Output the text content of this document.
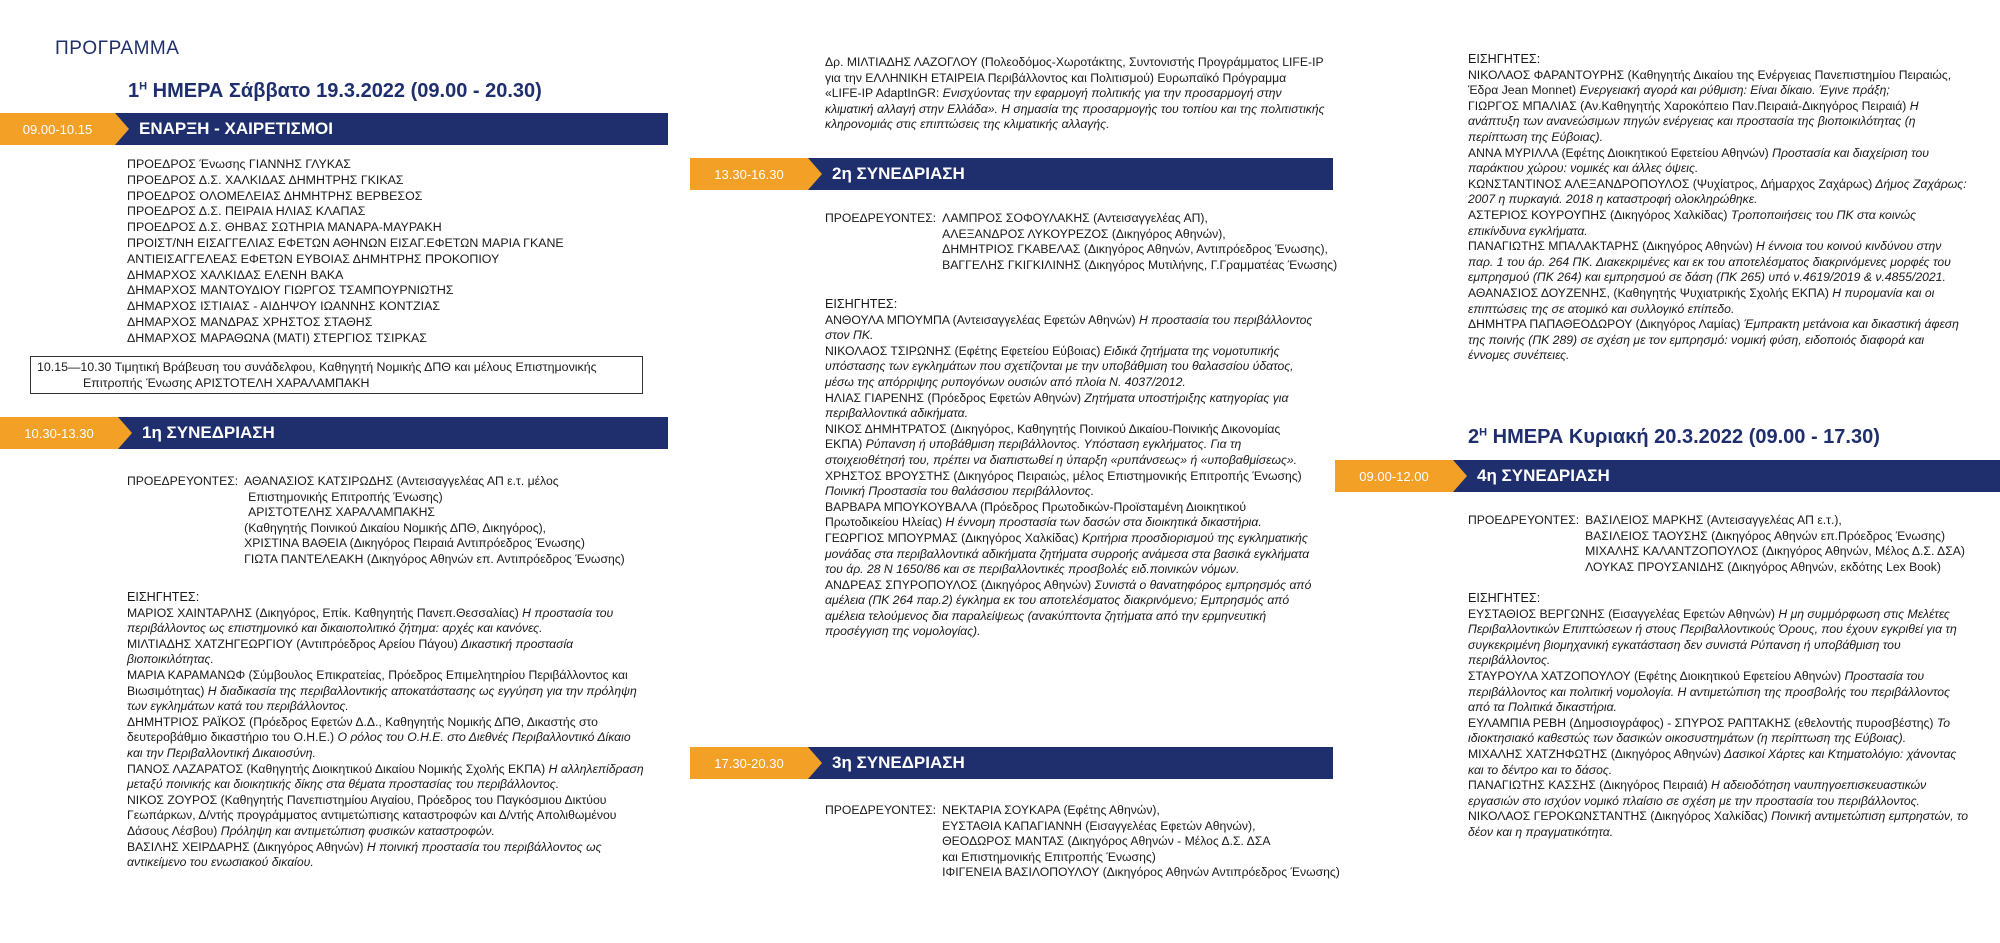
ΠΡΟΓΡΑΜΜΑ
$1^H$ ΗΜΕΡΑ Σάββατο 19.3.2022 (09.00 - 20.30)
09.00-10.15	ΕΝΑΡΞΗ - ΧΑΙΡΕΤΙΣΜΟΙ
ΠΡΟΕΔΡΟΣ Ένωσης ΓΙΑΝΝΗΣ ΓΛΥΚΑΣ
ΠΡΟΕΔΡΟΣ Δ.Σ. ΧΑΛΚΙΔΑΣ ΔΗΜΗΤΡΗΣ ΓΚΙΚΑΣ
ΠΡΟΕΔΡΟΣ ΟΛΟΜΕΛΕΙΑΣ ΔΗΜΗΤΡΗΣ ΒΕΡΒΕΣΟΣ
ΠΡΟΕΔΡΟΣ Δ.Σ. ΠΕΙΡΑΙΑ ΗΛΙΑΣ ΚΛΑΠΑΣ
ΠΡΟΕΔΡΟΣ Δ.Σ. ΘΗΒΑΣ ΣΩΤΗΡΙΑ ΜΑΝΑΡΑ-ΜΑΥΡΑΚΗ
ΠΡΟΙΣΤ/ΝΗ ΕΙΣΑΓΓΕΛΙΑΣ ΕΦΕΤΩΝ ΑΘΗΝΩΝ ΕΙΣΑΓ.ΕΦΕΤΩΝ ΜΑΡΙΑ ΓΚΑΝΕ
ΑΝΤΙΕΙΣΑΓΓΕΛΕΑΣ ΕΦΕΤΩΝ ΕΥΒΟΙΑΣ ΔΗΜΗΤΡΗΣ ΠΡΟΚΟΠΙΟΥ
ΔΗΜΑΡΧΟΣ ΧΑΛΚΙΔΑΣ ΕΛΕΝΗ ΒΑΚΑ
ΔΗΜΑΡΧΟΣ ΜΑΝΤΟΥΔΙΟΥ ΓΙΩΡΓΟΣ ΤΣΑΜΠΟΥΡΝΙΩΤΗΣ
ΔΗΜΑΡΧΟΣ ΙΣΤΙΑΙΑΣ - ΑΙΔΗΨΟΥ ΙΩΑΝΝΗΣ ΚΟΝΤΖΙΑΣ
ΔΗΜΑΡΧΟΣ ΜΑΝΔΡΑΣ ΧΡΗΣΤΟΣ ΣΤΑΘΗΣ
ΔΗΜΑΡΧΟΣ ΜΑΡΑΘΩΝΑ (ΜΑΤΙ) ΣΤΕΡΓΙΟΣ ΤΣΙΡΚΑΣ
10.15—10.30 Τιμητική Βράβευση του συνάδελφου, Καθηγητή Νομικής ΔΠΘ και μέλους Επιστημονικής
Επιτροπής Ένωσης ΑΡΙΣΤΟΤΕΛΗ ΧΑΡΑΛΑΜΠΑΚΗ
10.30-13.30	1η ΣΥΝΕΔΡΙΑΣΗ
ΠΡΟΕΔΡΕΥΟΝΤΕΣ: ΑΘΑΝΑΣΙΟΣ ΚΑΤΣΙΡΩΔΗΣ (Αντεισαγγελέας ΑΠ ε.τ. μέλος
Επιστημονικής Επιτροπής Ένωσης)
ΑΡΙΣΤΟΤΕΛΗΣ ΧΑΡΑΛΑΜΠΑΚΗΣ
(Καθηγητής Ποινικού Δικαίου Νομικής ΔΠΘ, Δικηγόρος),
ΧΡΙΣΤΙΝΑ ΒΑΘΕΙΑ (Δικηγόρος Πειραιά Αντιπρόεδρος Ένωσης)
ΓΙΩΤΑ ΠΑΝΤΕΛΕΑΚΗ (Δικηγόρος Αθηνών επ. Αντιπρόεδρος Ένωσης)

ΕΙΣΗΓΗΤΕΣ:

ΜΑΡΙΟΣ ΧΑΙΝΤΑΡΛΗΣ (Δικηγόρος, Επίκ. Καθηγητής Πανεπ.Θεσσαλίας) Η προστασία του περιβάλλοντος ως επιστημονικό και δικαιοπολιτικό ζήτημα: αρχές και κανόνες.

ΜΙΛΤΙΑΔΗΣ ΧΑΤΖΗΓΕΩΡΓΙΟΥ (Αντιπρόεδρος Αρείου Πάγου) Δικαστική προστασία βιοποικιλότητας.

ΜΑΡΙΑ ΚΑΡΑΜΑΝΩΦ (Σύμβουλος Επικρατείας, Πρόεδρος Επιμελητηρίου Περιβάλλοντος και Βιωσιμότητας) Η διαδικασία της περιβαλλοντικής αποκατάστασης ως εγγύηση για την πρόληψη των εγκλημάτων κατά του περιβάλλοντος.

ΔΗΜΗΤΡΙΟΣ ΡΑΪΚΟΣ (Πρόεδρος Εφετών Δ.Δ., Καθηγητής Νομικής ΔΠΘ, Δικαστής στο δευτεροβάθμιο δικαστήριο του Ο.Η.Ε.) Ο ρόλος του Ο.Η.Ε. στο Διεθνές Περιβαλλοντικό Δίκαιο και την Περιβαλλοντική Δικαιοσύνη.

ΠΑΝΟΣ ΛΑΖΑΡΑΤΟΣ (Καθηγητής Διοικητικού Δικαίου Νομικής Σχολής ΕΚΠΑ) Η αλληλεπίδραση μεταξύ ποινικής και διοικητικής δίκης στα θέματα προστασίας του περιβάλλοντος.

ΝΙΚΟΣ ΖΟΥΡΟΣ (Καθηγητής Πανεπιστημίου Αιγαίου, Πρόεδρος του Παγκόσμιου Δικτύου Γεωπάρκων, Δ/ντής προγράμματος αντιμετώπισης καταστροφών και Δ/ντής Απολιθωμένου Δάσους Λέσβου) Πρόληψη και αντιμετώπιση φυσικών καταστροφών.

ΒΑΣΙΛΗΣ ΧΕΙΡΔΑΡΗΣ (Δικηγόρος Αθηνών) Η ποινική προστασία του περιβάλλοντος ως αντικείμενο του ενωσιακού δικαίου.

Δρ. ΜΙΛΤΙΑΔΗΣ ΛΑΖΟΓΛΟΥ (Πολεοδόμος-Χωροτάκτης, Συντονιστής Προγράμματος LIFE-IP για την ΕΛΛΗΝΙΚΗ ΕΤΑΙΡΕΙΑ Περιβάλλοντος και Πολιτισμού) Ευρωπαϊκό Πρόγραμμα «LIFE-IP AdaptInGR: Ενισχύοντας την εφαρμογή πολιτικής για την προσαρμογή στην κλιματική αλλαγή στην Ελλάδα». Η σημασία της προσαρμογής του τοπίου και της πολιτιστικής κληρονομιάς στις επιπτώσεις της κλιματικής αλλαγής.

13.30-16.30	2η ΣΥΝΕΔΡΙΑΣΗ
ΠΡΟΕΔΡΕΥΟΝΤΕΣ: ΛΑΜΠΡΟΣ ΣΟΦΟΥΛΑΚΗΣ (Αντεισαγγελέας ΑΠ),
ΑΛΕΞΑΝΔΡΟΣ ΛΥΚΟΥΡΕΖΟΣ (Δικηγόρος Αθηνών),
ΔΗΜΗΤΡΙΟΣ ΓΚΑΒΕΛΑΣ (Δικηγόρος Αθηνών, Αντιπρόεδρος Ένωσης),
ΒΑΓΓΕΛΗΣ ΓΚΙΓΚΙΛΙΝΗΣ (Δικηγόρος Μυτιλήνης, Γ.Γραμματέας Ένωσης)

ΕΙΣΗΓΗΤΕΣ:

ΑΝΘΟΥΛΑ ΜΠΟΥΜΠΑ (Αντεισαγγελέας Εφετών Αθηνών) Η προστασία του περιβάλλοντος στον ΠΚ.

ΝΙΚΟΛΑΟΣ ΤΣΙΡΩΝΗΣ (Εφέτης Εφετείου Εύβοιας) Ειδικά ζητήματα της νομοτυπικής υπόστασης των εγκλημάτων που σχετίζονται με την υποβάθμιση του θαλασσίου ύδατος, μέσω της απόρριψης ρυπογόνων ουσιών από πλοία Ν. 4037/2012.

ΗΛΙΑΣ ΓΙΑΡΕΝΗΣ (Πρόεδρος Εφετών Αθηνών) Ζητήματα υποστήριξης κατηγορίας για περιβαλλοντικά αδικήματα.

ΝΙΚΟΣ ΔΗΜΗΤΡΑΤΟΣ (Δικηγόρος, Καθηγητής Ποινικού Δικαίου-Ποινικής Δικονομίας ΕΚΠΑ) Ρύπανση ή υποβάθμιση περιβάλλοντος. Υπόσταση εγκλήματος. Για τη στοιχειοθέτησή του, πρέπει να διαπιστωθεί η ύπαρξη «ρυπάνσεως» ή «υποβαθμίσεως».

ΧΡΗΣΤΟΣ ΒΡΟΥΣΤΗΣ (Δικηγόρος Πειραιώς, μέλος Επιστημονικής Επιτροπής Ένωσης) Ποινική Προστασία του θαλάσσιου περιβάλλοντος.

ΒΑΡΒΑΡΑ ΜΠΟΥΚΟΥΒΑΛΑ (Πρόεδρος Πρωτοδικών-Προϊσταμένη Διοικητικού Πρωτοδικείου Ηλείας) Η έννομη προστασία των δασών στα διοικητικά δικαστήρια.

ΓΕΩΡΓΙΟΣ ΜΠΟΥΡΜΑΣ (Δικηγόρος Χαλκίδας) Κριτήρια προσδιορισμού της εγκληματικής μονάδας στα περιβαλλοντικά αδικήματα ζητήματα συρροής ανάμεσα στα βασικά εγκλήματα του άρ. 28 Ν 1650/86 και σε περιβαλλοντικές προσβολές ειδ.ποινικών νόμων.

ΑΝΔΡΕΑΣ ΣΠΥΡΟΠΟΥΛΟΣ (Δικηγόρος Αθηνών) Συνιστά ο θανατηφόρος εμπρησμός από αμέλεια (ΠΚ 264 παρ.2) έγκλημα εκ του αποτελέσματος διακρινόμενο; Εμπρησμός από αμέλεια τελούμενος δια παραλείψεως (ανακύπτοντα ζητήματα από την ερμηνευτική προσέγγιση της νομολογίας).

17.30-20.30	3η ΣΥΝΕΔΡΙΑΣΗ
ΠΡΟΕΔΡΕΥΟΝΤΕΣ: ΝΕΚΤΑΡΙΑ ΣΟΥΚΑΡΑ (Εφέτης Αθηνών),
ΕΥΣΤΑΘΙΑ ΚΑΠΑΓΙΑΝΝΗ (Εισαγγελέας Εφετών Αθηνών),
ΘΕΟΔΩΡΟΣ ΜΑΝΤΑΣ (Δικηγόρος Αθηνών - Μέλος Δ.Σ. ΔΣΑ
και Επιστημονικής Επιτροπής Ένωσης)
ΙΦΙΓΕΝΕΙΑ ΒΑΣΙΛΟΠΟΥΛΟΥ (Δικηγόρος Αθηνών Αντιπρόεδρος Ένωσης)

ΕΙΣΗΓΗΤΕΣ:

ΝΙΚΟΛΑΟΣ ΦΑΡΑΝΤΟΥΡΗΣ (Καθηγητής Δικαίου της Ενέργειας Πανεπιστημίου Πειραιώς, Έδρα Jean Monnet) Ενεργειακή αγορά και ρύθμιση: Είναι δίκαιο. Έγινε πράξη;

ΓΙΩΡΓΟΣ ΜΠΑΛΙΑΣ (Αν.Καθηγητής Χαροκόπειο Παν.Πειραιά-Δικηγόρος Πειραιά) Η ανάπτυξη των ανανεώσιμων πηγών ενέργειας και προστασία της βιοποικιλότητας (η περίπτωση της Εύβοιας).

ΑΝΝΑ ΜΥΡΙΛΛΑ (Εφέτης Διοικητικού Εφετείου Αθηνών) Προστασία και διαχείριση του παράκτιου χώρου: νομικές και άλλες όψεις.

ΚΩΝΣΤΑΝΤΙΝΟΣ ΑΛΕΞΑΝΔΡΟΠΟΥΛΟΣ (Ψυχίατρος, Δήμαρχος Ζαχάρως) Δήμος Ζαχάρως: 2007 η πυρκαγιά. 2018 η καταστροφή ολοκληρώθηκε.

ΑΣΤΕΡΙΟΣ ΚΟΥΡΟΥΠΗΣ (Δικηγόρος Χαλκίδας) Τροποποιήσεις του ΠΚ στα κοινώς επικίνδυνα εγκλήματα.

ΠΑΝΑΓΙΩΤΗΣ ΜΠΑΛΑΚΤΑΡΗΣ (Δικηγόρος Αθηνών) Η έννοια του κοινού κινδύνου στην παρ. 1 του άρ. 264 ΠΚ. Διακεκριμένες και εκ του αποτελέσματος διακρινόμενες μορφές του εμπρησμού (ΠΚ 264) και εμπρησμού σε δάση (ΠΚ 265) υπό ν.4619/2019 & ν.4855/2021.

ΑΘΑΝΑΣΙΟΣ ΔΟΥΖΕΝΗΣ, (Καθηγητής Ψυχιατρικής Σχολής ΕΚΠΑ) Η πυρομανία και οι επιπτώσεις της σε ατομικό και συλλογικό επίπεδο.

ΔΗΜΗΤΡΑ ΠΑΠΑΘΕΟΔΩΡΟΥ (Δικηγόρος Λαμίας) Έμπρακτη μετάνοια και δικαστική άφεση της ποινής (ΠΚ 289) σε σχέση με τον εμπρησμό: νομική φύση, ειδοποιός διαφορά και έννομες συνέπειες.

$2^H$ ΗΜΕΡΑ Κυριακή 20.3.2022 (09.00 - 17.30)
09.00-12.00	4η ΣΥΝΕΔΡΙΑΣΗ
ΠΡΟΕΔΡΕΥΟΝΤΕΣ: ΒΑΣΙΛΕΙΟΣ ΜΑΡΚΗΣ (Αντεισαγγελέας ΑΠ ε.τ.),
ΒΑΣΙΛΕΙΟΣ ΤΑΟΥΣΗΣ (Δικηγόρος Αθηνών επ.Πρόεδρος Ένωσης)
ΜΙΧΑΛΗΣ ΚΑΛΑΝΤΖΟΠΟΥΛΟΣ (Δικηγόρος Αθηνών, Μέλος Δ.Σ. ΔΣΑ)
ΛΟΥΚΑΣ ΠΡΟΥΣΑΝΙΔΗΣ (Δικηγόρος Αθηνών, εκδότης Lex Book)

ΕΙΣΗΓΗΤΕΣ:

ΕΥΣΤΑΘΙΟΣ ΒΕΡΓΩΝΗΣ (Εισαγγελέας Εφετών Αθηνών) Η μη συμμόρφωση στις Μελέτες Περιβαλλοντικών Επιπτώσεων ή στους Περιβαλλοντικούς Όρους, που έχουν εγκριθεί για τη συγκεκριμένη βιομηχανική εγκατάσταση δεν συνιστά Ρύπανση ή υποβάθμιση του περιβάλλοντος.

ΣΤΑΥΡΟΥΛΑ ΧΑΤΖΟΠΟΥΛΟΥ (Εφέτης Διοικητικού Εφετείου Αθηνών) Προστασία του περιβάλλοντος και πολιτική νομολογία. Η αντιμετώπιση της προσβολής του περιβάλλοντος από τα Πολιτικά δικαστήρια.

ΕΥΛΑΜΠΙΑ ΡΕΒΗ (Δημοσιογράφος) - ΣΠΥΡΟΣ ΡΑΠΤΑΚΗΣ (εθελοντής πυροσβέστης) Το ιδιοκτησιακό καθεστώς των δασικών οικοσυστημάτων (η περίπτωση της Εύβοιας).

ΜΙΧΑΛΗΣ ΧΑΤΖΗΦΩΤΗΣ (Δικηγόρος Αθηνών) Δασικοί Χάρτες και Κτηματολόγιο: χάνοντας και το δέντρο και το δάσος.

ΠΑΝΑΓΙΩΤΗΣ ΚΑΣΣΗΣ (Δικηγόρος Πειραιά) Η αδειοδότηση ναυπηγοεπισκευαστικών εργασιών στο ισχύον νομικό πλαίσιο σε σχέση με την προστασία του περιβάλλοντος.

ΝΙΚΟΛΑΟΣ ΓΕΡΟΚΩΝΣΤΑΝΤΗΣ (Δικηγόρος Χαλκίδας) Ποινική αντιμετώπιση εμπρηστών, το δέον και η πραγματικότητα.
